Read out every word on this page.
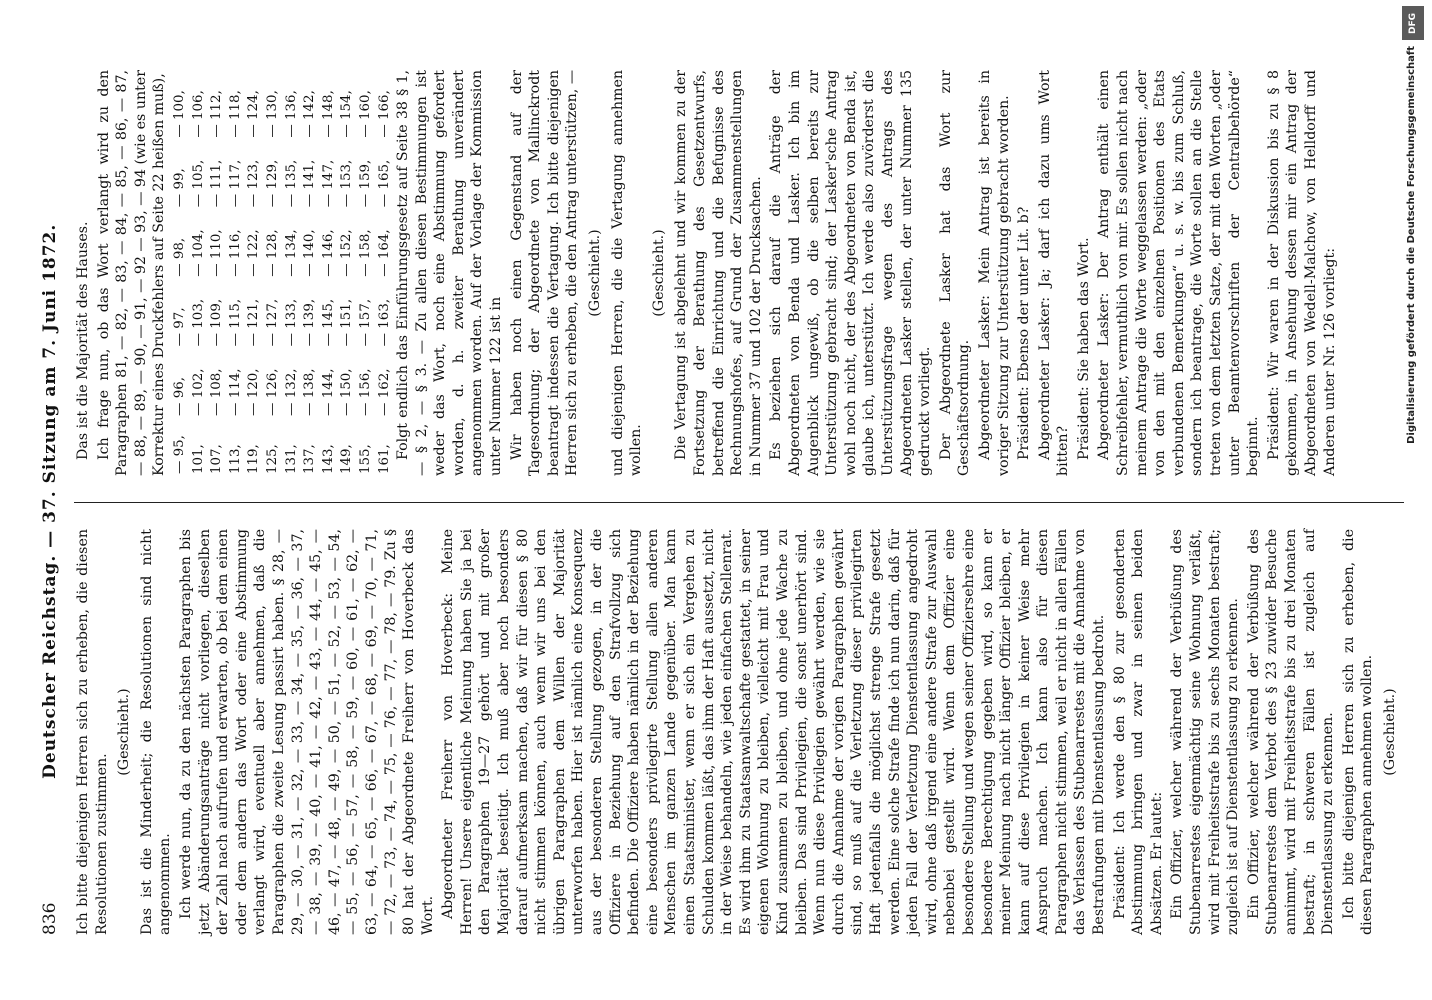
836
Deutscher Reichstag. — 37. Sitzung am 7. Juni 1872. Ich bitte diejenigen Herren sich zu erheben, die diesen Resolutionen zustimmen.

(Geschieht.) Das ist die Minderheit; die Resolutionen sind nicht angenommen. Ich werde nun, da zu den nächsten Paragraphen bis jetzt Abänderungsanträge nicht vorliegen, dieselben der Zahl nach aufrufen und erwarten, ob bei dem einen oder dem andern das Wort oder eine Abstimmung verlangt wird, eventuell aber annehmen, daß die Paragraphen die zweite Lesung passirt haben. § 28, — 29, — 30, — 31, — 32, — 33, — 34, — 35, — 36, — 37, — 38, — 39, — 40, — 41, — 42, — 43, — 44, — 45, — 46, — 47, — 48, — 49, — 50, — 51, — 52, — 53, — 54, — 55, — 56, — 57, — 58, — 59, — 60, — 61, — 62, — 63, — 64, — 65, — 66, — 67, — 68, — 69, — 70, — 71, — 72, — 73, — 74, — 75, — 76, — 77, — 78, — 79. Zu § 80 hat der Abgeordnete Freiherr von Hoverbeck das Wort. Abgeordneter Freiherr von Hoverbeck: Meine Herren! Unsere eigentliche Meinung haben Sie ja bei den Paragraphen 19—27 gehört und mit großer Majorität beseitigt. Ich muß aber noch besonders darauf aufmerksam machen, daß wir für diesen § 80 nicht stimmen können, auch wenn wir uns bei den übrigen Paragraphen dem Willen der Majorität unterworfen haben. Hier ist nämlich eine Konsequenz aus der besonderen Stellung gezogen, in der die Offiziere in Beziehung auf den Strafvollzug sich befinden. Die Offiziere haben nämlich in der Beziehung eine besonders privilegirte Stellung allen anderen Menschen im ganzen Lande gegenüber. Man kann einen Staatsminister, wenn er sich ein Vergehen zu Schulden kommen läßt, das ihm der Haft aussetzt, nicht in der Weise behandeln, wie jeden einfachen Stellenrat. Es wird ihm zu Staatsanwaltschafte gestattet, in seiner eigenen Wohnung zu bleiben, vielleicht mit Frau und Kind zusammen zu bleiben, und ohne jede Wache zu bleiben. Das sind Privilegien, die sonst unerhört sind. Wenn nun diese Privilegien gewährt werden, wie sie durch die Annahme der vorigen Paragraphen gewährt sind, so muß auf die Verletzung dieser privilegirten Haft jedenfalls die möglichst strenge Strafe gesetzt werden. Eine solche Strafe finde ich nun darin, daß für jeden Fall der Verletzung Dienstentlassung angedroht wird, ohne daß irgend eine andere Strafe zur Auswahl nebenbei gestellt wird. Wenn dem Offizier eine besondere Stellung und wegen seiner Offiziersehre eine besondere Berechtigung gegeben wird, so kann er meiner Meinung nach nicht länger Offizier bleiben, er kann auf diese Privilegien in keiner Weise mehr Anspruch machen. Ich kann also für diesen Paragraphen nicht stimmen, weil er nicht in allen Fällen das Verlassen des Stubenarrestes mit die Annahme von Bestrafungen mit Dienstentlassung bedroht. Präsident: Ich werde den § 80 zur gesonderten Abstimmung bringen und zwar in seinen beiden Absätzen. Er lautet: Ein Offizier, welcher während der Verbüßung des Stubenarrestes eigenmächtig seine Wohnung verläßt, wird mit Freiheitsstrafe bis zu sechs Monaten bestraft; zugleich ist auf Dienstentlassung zu erkennen. Ein Offizier, welcher während der Verbüßung des Stubenarrestes dem Verbot des § 23 zuwider Besuche annimmt, wird mit Freiheitsstrafe bis zu drei Monaten bestraft; in schweren Fällen ist zugleich auf Dienstentlassung zu erkennen. Ich bitte diejenigen Herren sich zu erheben, die diesen Paragraphen annehmen wollen. (Geschieht.)

Das ist die Majorität des Hauses. Ich frage nun, ob das Wort verlangt wird zu den Paragraphen 81, — 82, — 83, — 84, — 85, — 86, — 87, — 88, — 89, — 90, — 91, — 92 — 93, — 94 (wie es unter Korrektur eines Druckfehlers auf Seite 22 heißen muß), — 95,	— 96,	— 97,	— 98,	— 99,	— 100,
101,	— 102,	— 103,	— 104,	— 105,	— 106,
107,	— 108,	— 109,	— 110,	— 111,	— 112,
113,	— 114,	— 115,	— 116,	— 117,	— 118,
119,	— 120,	— 121,	— 122,	— 123,	— 124,
125,	— 126,	— 127,	— 128,	— 129,	— 130,
131,	— 132,	— 133,	— 134,	— 135,	— 136,
137,	— 138,	— 139,	— 140,	— 141,	— 142,
143,	— 144,	— 145,	— 146,	— 147,	— 148,
149,	— 150,	— 151,	— 152,	— 153,	— 154,
155,	— 156,	— 157,	— 158,	— 159,	— 160,
161,	— 162,	— 163,	— 164,	— 165,	— 166, Folgt endlich das Einführungsgesetz auf Seite 38 § 1, — § 2, — § 3. — Zu allen diesen Bestimmungen ist weder das Wort, noch eine Abstimmung gefordert worden, d. h. zweiter Berathung unverändert angenommen worden. Auf der Vorlage der Kommission unter Nummer 122 ist in Wir haben noch einen Gegenstand auf der Tagesordnung; der Abgeordnete von Mallinckrodt beantragt indessen die Vertagung. Ich bitte diejenigen Herren sich zu erheben, die den Antrag unterstützen, — (Geschieht.) und diejenigen Herren, die die Vertagung annehmen wollen.

(Geschieht.) Die Vertagung ist abgelehnt und wir kommen zu der Fortsetzung der Berathung des Gesetzentwurfs, betreffend die Einrichtung und die Befugnisse des Rechnungshofes, auf Grund der Zusammenstellungen in Nummer 37 und 102 der Drucksachen. Es beziehen sich darauf die Anträge der Abgeordneten von Benda und Lasker. Ich bin im Augenblick ungewiß, ob die selben bereits zur Unterstützung gebracht sind; der Lasker'sche Antrag wohl noch nicht, der des Abgeordneten von Benda ist, glaube ich, unterstützt. Ich werde also zuvörderst die Unterstützungsfrage wegen des Antrags des Abgeordneten Lasker stellen, der unter Nummer 135 gedruckt vorliegt. Der Abgeordnete Lasker hat das Wort zur Geschäftsordnung. Abgeordneter Lasker: Mein Antrag ist bereits in voriger Sitzung zur Unterstützung gebracht worden. Präsident: Ebenso der unter Lit. b? Abgeordneter Lasker: Ja; darf ich dazu ums Wort bitten? Präsident: Sie haben das Wort. Abgeordneter Lasker: Der Antrag enthält einen Schreibfehler, vermuthlich von mir. Es sollen nicht nach meinem Antrage die Worte weggelassen werden: „oder von den mit den einzelnen Positionen des Etats verbundenen Bemerkungen“ u. s. w. bis zum Schluß, sondern ich beantrage, die Worte sollen an die Stelle treten von dem letzten Satze, der mit den Worten „oder unter Beamtenvorschriften der Centralbehörde“ beginnt. Präsident: Wir waren in der Diskussion bis zu § 8 gekommen, in Ansehung dessen mir ein Antrag der Abgeordneten von Wedell-Malchow, von Helldorff und Anderen unter Nr. 126 vorliegt:

DFG
Digitalisierung gefördert durch die Deutsche Forschungsgemeinschaft
